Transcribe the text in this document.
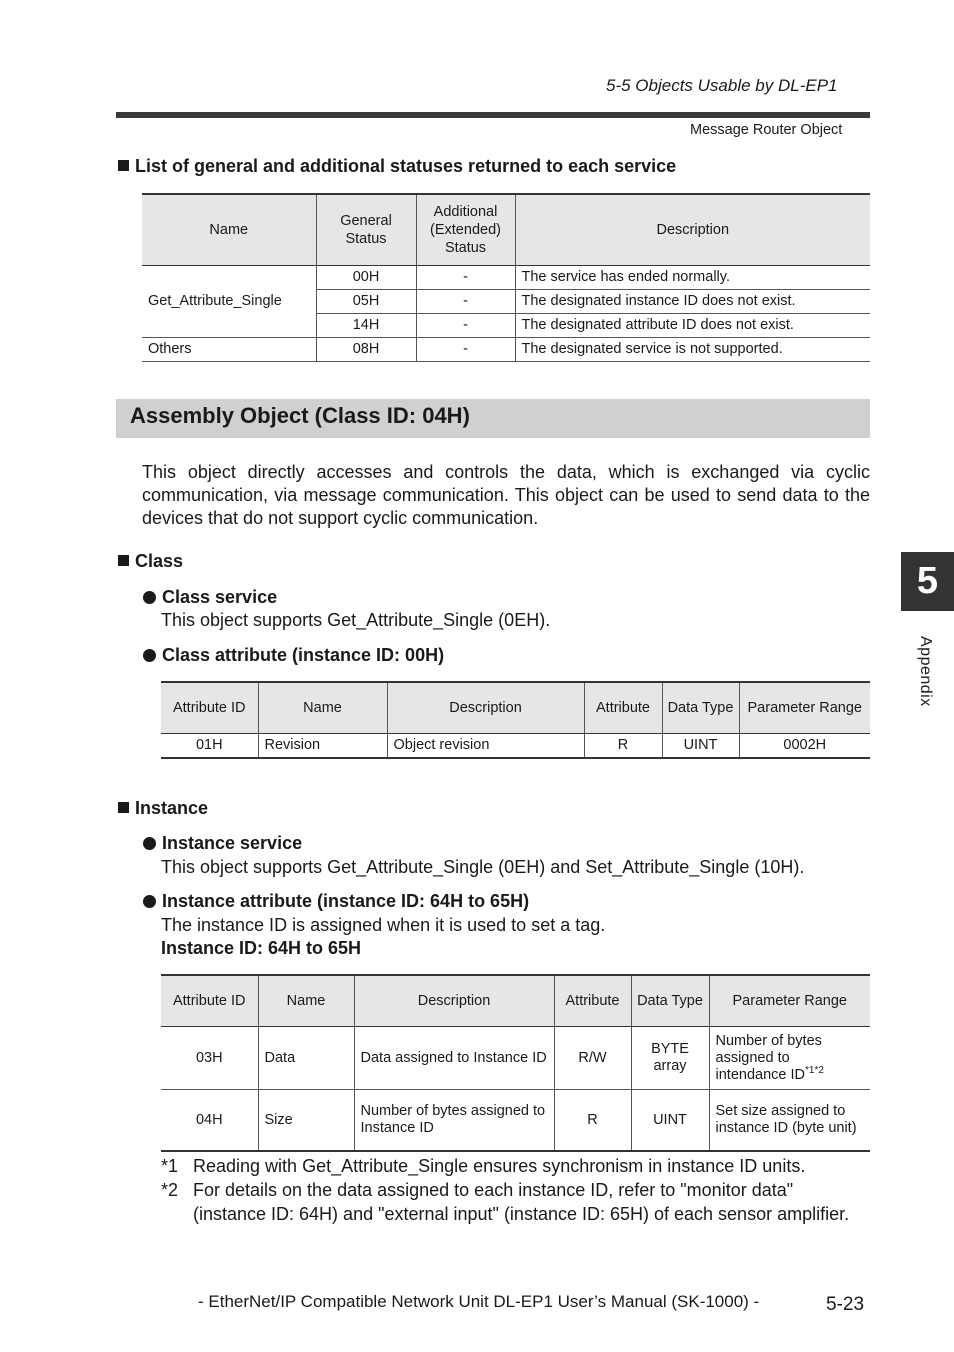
5-5 Objects Usable by DL-EP1
Message Router Object
List of general and additional statuses returned to each service
Name	General Status	Additional (Extended) Status	Description
Get_Attribute_Single	00H	-	The service has ended normally.
	05H	-	The designated instance ID does not exist.
	14H	-	The designated attribute ID does not exist.
Others	08H	-	The designated service is not supported.
Assembly Object (Class ID: 04H)
This object directly accesses and controls the data, which is exchanged via cyclic communication, via message communication. This object can be used to send data to the devices that do not support cyclic communication.
Class
Class service
This object supports Get_Attribute_Single (0EH).
Class attribute (instance ID: 00H)
Attribute ID	Name	Description	Attribute	Data Type	Parameter Range
01H	Revision	Object revision	R	UINT	0002H
Instance
Instance service
This object supports Get_Attribute_Single (0EH) and Set_Attribute_Single (10H).
Instance attribute (instance ID: 64H to 65H)
The instance ID is assigned when it is used to set a tag.
Instance ID: 64H to 65H
Attribute ID	Name	Description	Attribute	Data Type	Parameter Range
03H	Data	Data assigned to Instance ID	R/W	BYTE array	Number of bytes assigned to intendance $ID^{*1*2}$
04H	Size	Number of bytes assigned to Instance ID	R	UINT	Set size assigned to instance ID (byte unit)
*1 Reading with Get_Attribute_Single ensures synchronism in instance ID units.
*2 For details on the data assigned to each instance ID, refer to "monitor data" (instance ID: 64H) and "external input" (instance ID: 65H) of each sensor amplifier.
5
Appendix
- EtherNet/IP Compatible Network Unit DL-EP1 User’s Manual (SK-1000) -	5-23
